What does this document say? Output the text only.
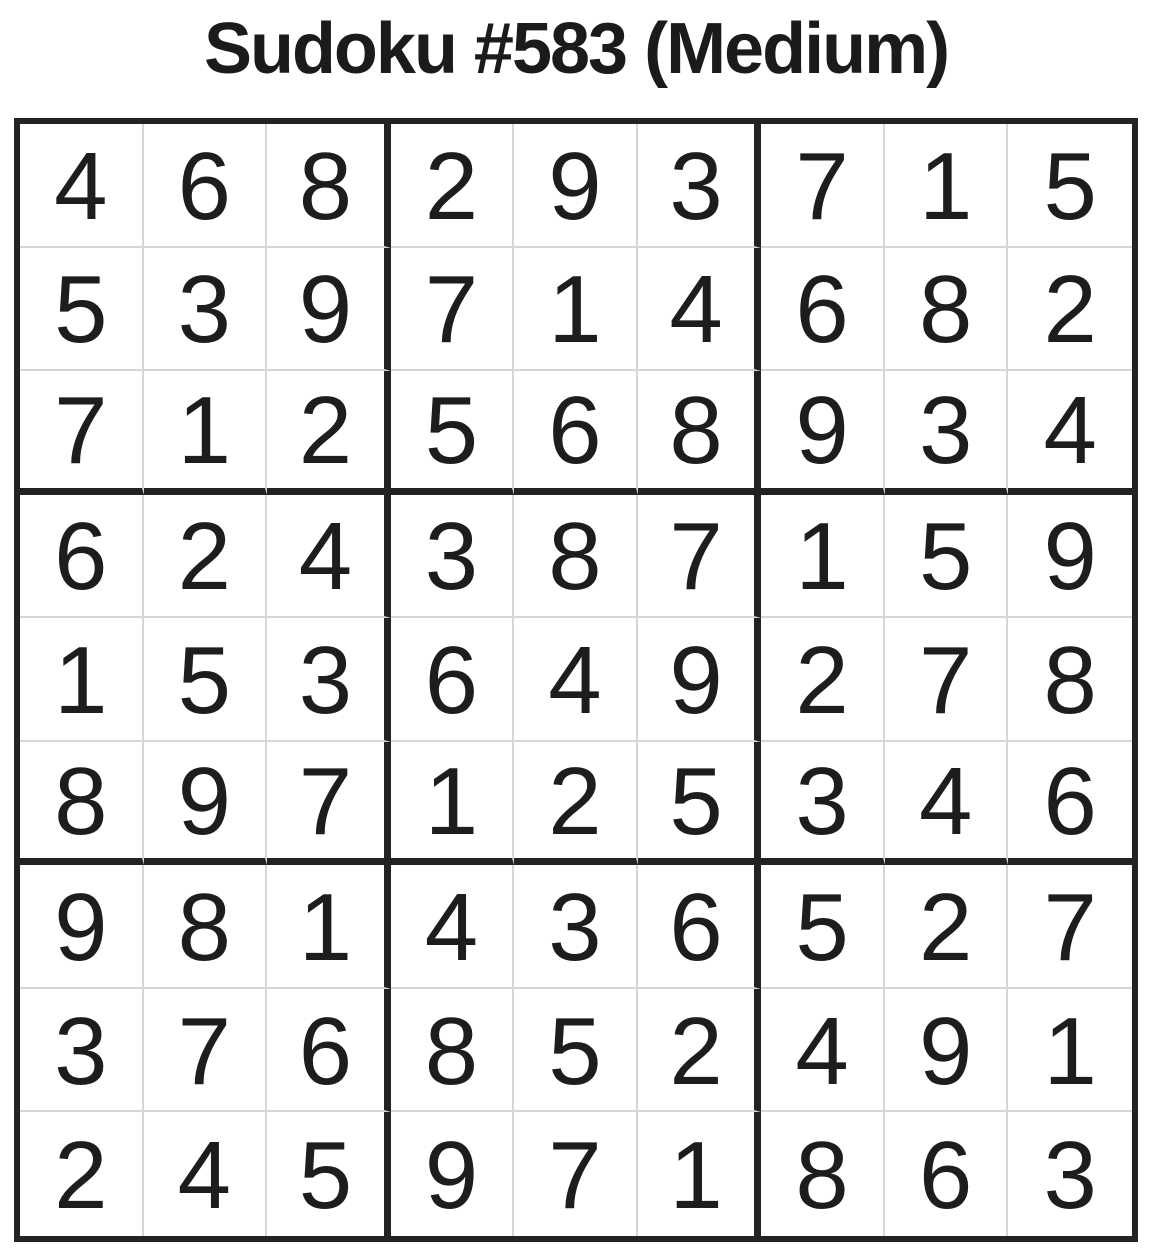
Sudoku #583 (Medium)
4 6 8 2 9 3 7 1 5
5 3 9 7 1 4 6 8 2
7 1 2 5 6 8 9 3 4
6 2 4 3 8 7 1 5 9
1 5 3 6 4 9 2 7 8
8 9 7 1 2 5 3 4 6
9 8 1 4 3 6 5 2 7
3 7 6 8 5 2 4 9 1
2 4 5 9 7 1 8 6 3
